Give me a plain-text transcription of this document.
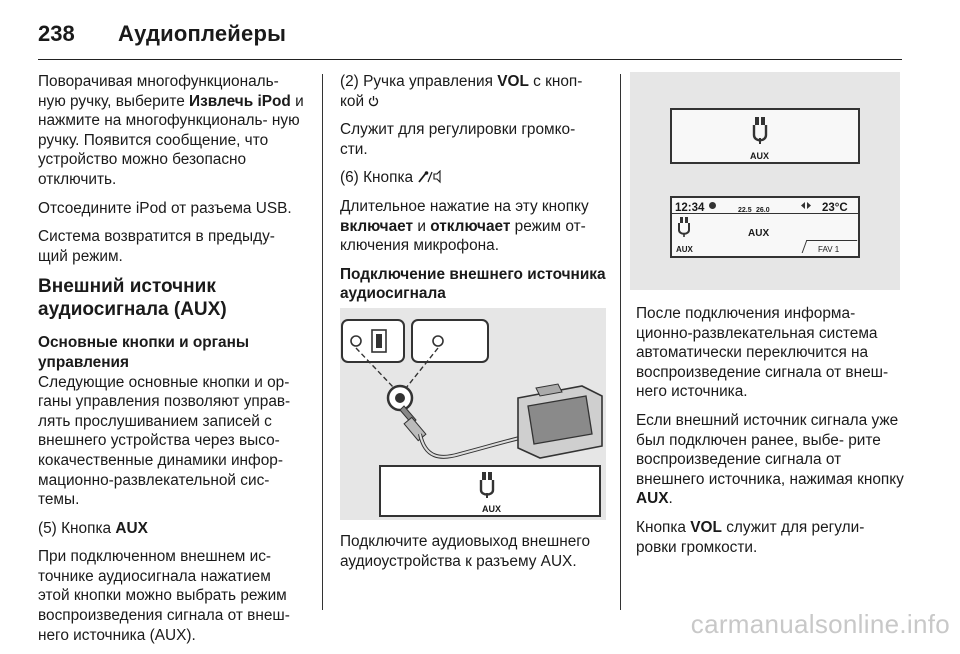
238	Аудиоплейеры

Поворачивая многофункциональ- ную ручку, выберите Извлечь iPod и нажмите на многофункциональ- ную ручку. Появится сообщение, что устройство можно безопасно отключить.

Отсоедините iPod от разъема USB.

Система возвратится в предыду- щий режим.

Внешний источник аудиосигнала (AUX)
Основные кнопки и органы управления

Следующие основные кнопки и ор- ганы управления позволяют управ- лять прослушиванием записей с внешнего устройства через высо- кокачественные динамики инфор- мационно-развлекательной сис- темы.

(5) Кнопка AUX

При подключенном внешнем ис- точнике аудиосигнала нажатием этой кнопки можно выбрать режим воспроизведения сигнала от внеш- него источника (AUX).

(2) Ручка управления VOL с кноп- кой

Служит для регулировки громко- сти.

(6) Кнопка

Длительное нажатие на эту кнопку включает и отключает режим от- ключения микрофона.

Подключение внешнего источника аудиосигнала
AUX

Подключите аудиовыход внешнего аудиоустройства к разъему AUX.

AUX
12:34	22.5 26.0	23°C
AUX
AUX
FAV 1

После подключения информа- ционно-развлекательная система автоматически переключится на воспроизведение сигнала от внеш- него источника.

Если внешний источник сигнала уже был подключен ранее, выбе- рите воспроизведение сигнала от внешнего источника, нажимая кнопку AUX.

Кнопка VOL служит для регули- ровки громкости.

carmanualsonline.info
